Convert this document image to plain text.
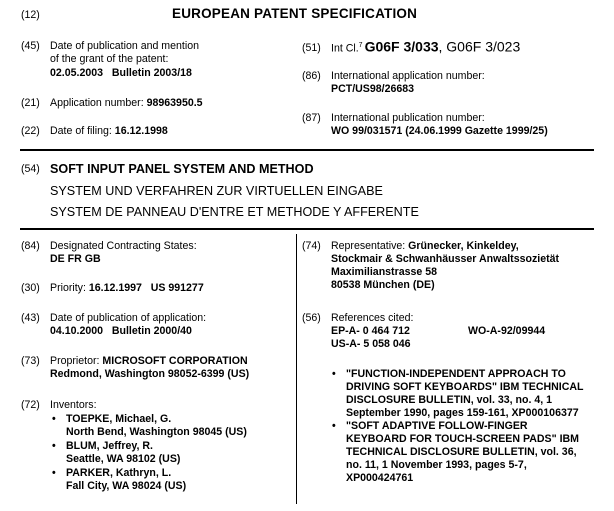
(12)	EUROPEAN PATENT SPECIFICATION
(45) Date of publication and mention
of the grant of the patent:
02.05.2003   Bulletin 2003/18
(21) Application number: 98963950.5
(22) Date of filing: 16.12.1998
(51) Int Cl.$^7$ G06F 3/033, G06F 3/023
(86) International application number:
PCT/US98/26683
(87) International publication number:
WO 99/031571 (24.06.1999 Gazette 1999/25)
(54) SOFT INPUT PANEL SYSTEM AND METHOD
SYSTEM UND VERFAHREN ZUR VIRTUELLEN EINGABE
SYSTEM DE PANNEAU D'ENTRE ET METHODE Y AFFERENTE
(84) Designated Contracting States:
DE FR GB
(30) Priority: 16.12.1997   US 991277
(43) Date of publication of application:
04.10.2000   Bulletin 2000/40
(73) Proprietor: MICROSOFT CORPORATION
Redmond, Washington 98052-6399 (US)
(72) Inventors:
• TOEPKE, Michael, G.
North Bend, Washington 98045 (US)
• BLUM, Jeffrey, R.
Seattle, WA 98102 (US)
• PARKER, Kathryn, L.
Fall City, WA 98024 (US)
(74) Representative: Grünecker, Kinkeldey,
Stockmair & Schwanhäusser Anwaltssozietät
Maximilianstrasse 58
80538 München (DE)
(56) References cited:
EP-A- 0 464 712	WO-A-92/09944
US-A- 5 058 046
• "FUNCTION-INDEPENDENT APPROACH TO
DRIVING SOFT KEYBOARDS" IBM TECHNICAL
DISCLOSURE BULLETIN, vol. 33, no. 4, 1
September 1990, pages 159-161, XP000106377
• "SOFT ADAPTIVE FOLLOW-FINGER
KEYBOARD FOR TOUCH-SCREEN PADS" IBM
TECHNICAL DISCLOSURE BULLETIN, vol. 36,
no. 11, 1 November 1993, pages 5-7,
XP000424761
